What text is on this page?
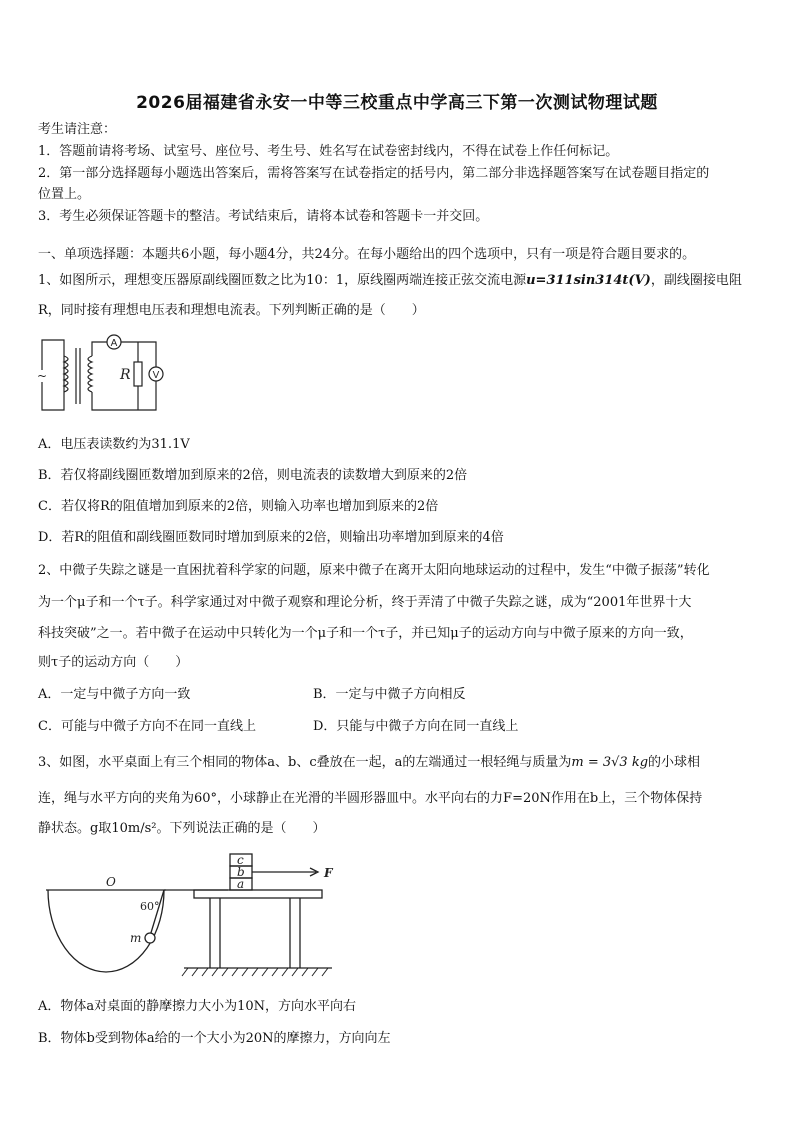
2026届福建省永安一中等三校重点中学高三下第一次测试物理试题
考生请注意：
1．答题前请将考场、试室号、座位号、考生号、姓名写在试卷密封线内，不得在试卷上作任何标记。
2．第一部分选择题每小题选出答案后，需将答案写在试卷指定的括号内，第二部分非选择题答案写在试卷题目指定的
位置上。
3．考生必须保证答题卡的整洁。考试结束后，请将本试卷和答题卡一并交回。
一、单项选择题：本题共6小题，每小题4分，共24分。在每小题给出的四个选项中，只有一项是符合题目要求的。
1、如图所示，理想变压器原副线圈匝数之比为10：1，原线圈两端连接正弦交流电源u=311sin314t(V)，副线圈接电阻
R，同时接有理想电压表和理想电流表。下列判断正确的是（　　）
~
A
V
R
A．电压表读数约为31.1V
B．若仅将副线圈匝数增加到原来的2倍，则电流表的读数增大到原来的2倍
C．若仅将R的阻值增加到原来的2倍，则输入功率也增加到原来的2倍
D．若R的阻值和副线圈匝数同时增加到原来的2倍，则输出功率增加到原来的4倍
2、中微子失踪之谜是一直困扰着科学家的问题，原来中微子在离开太阳向地球运动的过程中，发生“中微子振荡”转化
为一个μ子和一个τ子。科学家通过对中微子观察和理论分析，终于弄清了中微子失踪之谜，成为“2001年世界十大
科技突破”之一。若中微子在运动中只转化为一个μ子和一个τ子，并已知μ子的运动方向与中微子原来的方向一致，
则τ子的运动方向（　　）
A．一定与中微子方向一致	B．一定与中微子方向相反
C．可能与中微子方向不在同一直线上	D．只能与中微子方向在同一直线上
3、如图，水平桌面上有三个相同的物体a、b、c叠放在一起，a的左端通过一根轻绳与质量为m = 3√3 kg的小球相
连，绳与水平方向的夹角为60°，小球静止在光滑的半圆形器皿中。水平向右的力F=20N作用在b上，三个物体保持
静状态。g取10m/s²。下列说法正确的是（　　）
O
60°
m
c
b
a
F
A．物体a对桌面的静摩擦力大小为10N，方向水平向右
B．物体b受到物体a给的一个大小为20N的摩擦力，方向向左
